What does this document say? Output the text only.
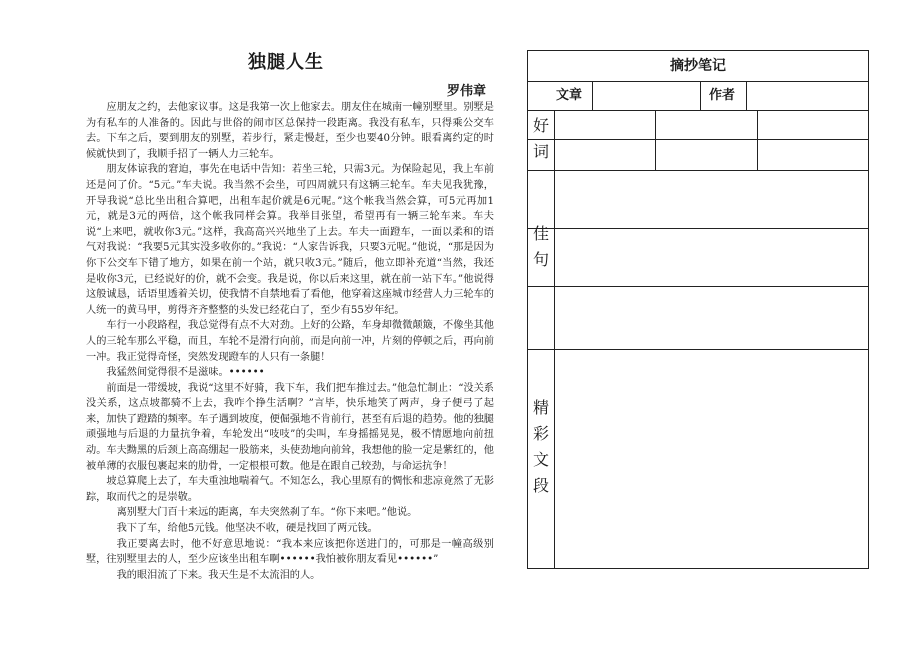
独腿人生
罗伟章

应朋友之约，去他家议事。这是我第一次上他家去。朋友住在城南一幢别墅里。别墅是为有私车的人准备的。因此与世俗的闹市区总保持一段距离。我没有私车，只得乘公交车去。下车之后，要到朋友的别墅，若步行，紧走慢赶，至少也要40分钟。眼看离约定的时候就快到了，我顺手招了一辆人力三轮车。

朋友体谅我的窘迫，事先在电话中告知：若坐三轮，只需3元。为保险起见，我上车前还是问了价。“5元。”车夫说。我当然不会坐，可四周就只有这辆三轮车。车夫见我犹豫，开导我说“总比坐出租合算吧，出租车起价就是6元呢。”这个帐我当然会算，可5元再加1元，就是3元的两倍，这个帐我同样会算。我举目张望，希望再有一辆三轮车来。车夫说“上来吧，就收你3元。”这样，我高高兴兴地坐了上去。车夫一面蹬车，一面以柔和的语气对我说：“我要5元其实没多收你的。”我说：“人家告诉我，只要3元呢。”他说，“那是因为你下公交车下错了地方，如果在前一个站，就只收3元。”随后，他立即补充道“当然，我还是收你3元，已经说好的价，就不会变。我是说，你以后来这里，就在前一站下车。”他说得这般诚恳，话语里透着关切，使我情不自禁地看了看他，他穿着这座城市经营人力三轮车的人统一的黄马甲，剪得齐齐整整的头发已经花白了，至少有55岁年纪。

车行一小段路程，我总觉得有点不大对劲。上好的公路，车身却微微颠簸，不像坐其他人的三轮车那么平稳，而且，车轮不是滑行向前，而是向前一冲，片刻的停顿之后，再向前一冲。我正觉得奇怪，突然发现蹬车的人只有一条腿！

我猛然间觉得很不是滋味。••••••

前面是一带缓坡，我说“这里不好骑，我下车，我们把车推过去。”他急忙制止：“没关系没关系，这点坡都骑不上去，我咋个挣生活啊？”言毕，快乐地笑了两声，身子便弓了起来，加快了蹬踏的频率。车子遇到坡度，便倔强地不肯前行，甚至有后退的趋势。他的独腿顽强地与后退的力量抗争着，车轮发出“吱吱”的尖叫，车身摇摇晃晃，极不情愿地向前扭动。车夫黝黑的后颈上高高绷起一股筋来，头使劲地向前耸，我想他的脸一定是紫红的，他被单薄的衣服包裹起来的肋骨，一定根根可数。他是在跟自己较劲，与命运抗争！

坡总算爬上去了，车夫重浊地喘着气。不知怎么，我心里原有的惆怅和悲凉竟然了无影踪，取而代之的是崇敬。

离别墅大门百十来远的距离，车夫突然刹了车。“你下来吧。”他说。

我下了车，给他5元钱。他坚决不收，硬是找回了两元钱。

我正要离去时，他不好意思地说：“我本来应该把你送进门的，可那是一幢高级别墅，往别墅里去的人，至少应该坐出租车啊••••••我怕被你朋友看见••••••”

我的眼泪流了下来。我天生是不太流泪的人。

摘抄笔记
文章	作者
好
词
佳
句
精
彩
文
段
